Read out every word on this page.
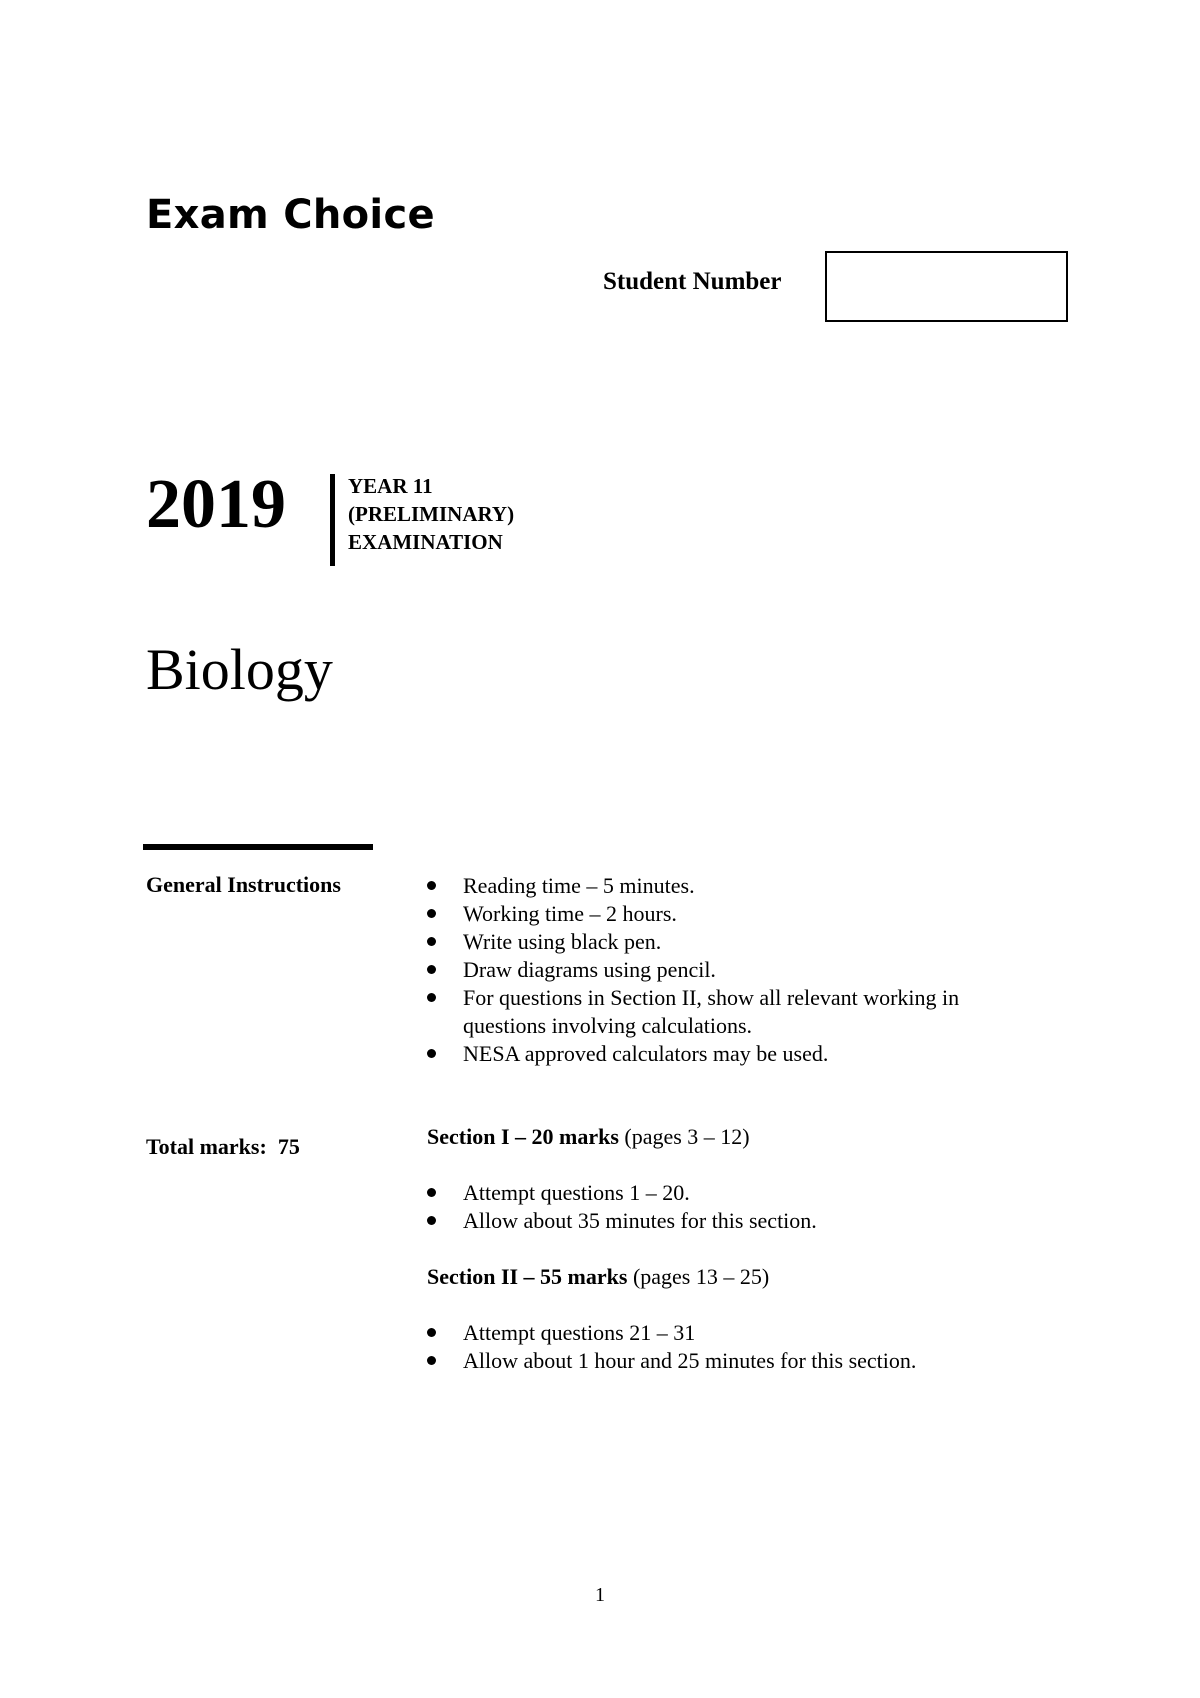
Exam Choice
Student Number
2019	YEAR 11
(PRELIMINARY)
EXAMINATION
Biology
General Instructions	Reading time – 5 minutes.
Working time – 2 hours.
Write using black pen.
Draw diagrams using pencil.
For questions in Section II, show all relevant working in
questions involving calculations.
NESA approved calculators may be used.
Total marks: 75	Section I – 20 marks (pages 3 – 12)
Attempt questions 1 – 20.
Allow about 35 minutes for this section.
Section II – 55 marks (pages 13 – 25)
Attempt questions 21 – 31
Allow about 1 hour and 25 minutes for this section.
1
